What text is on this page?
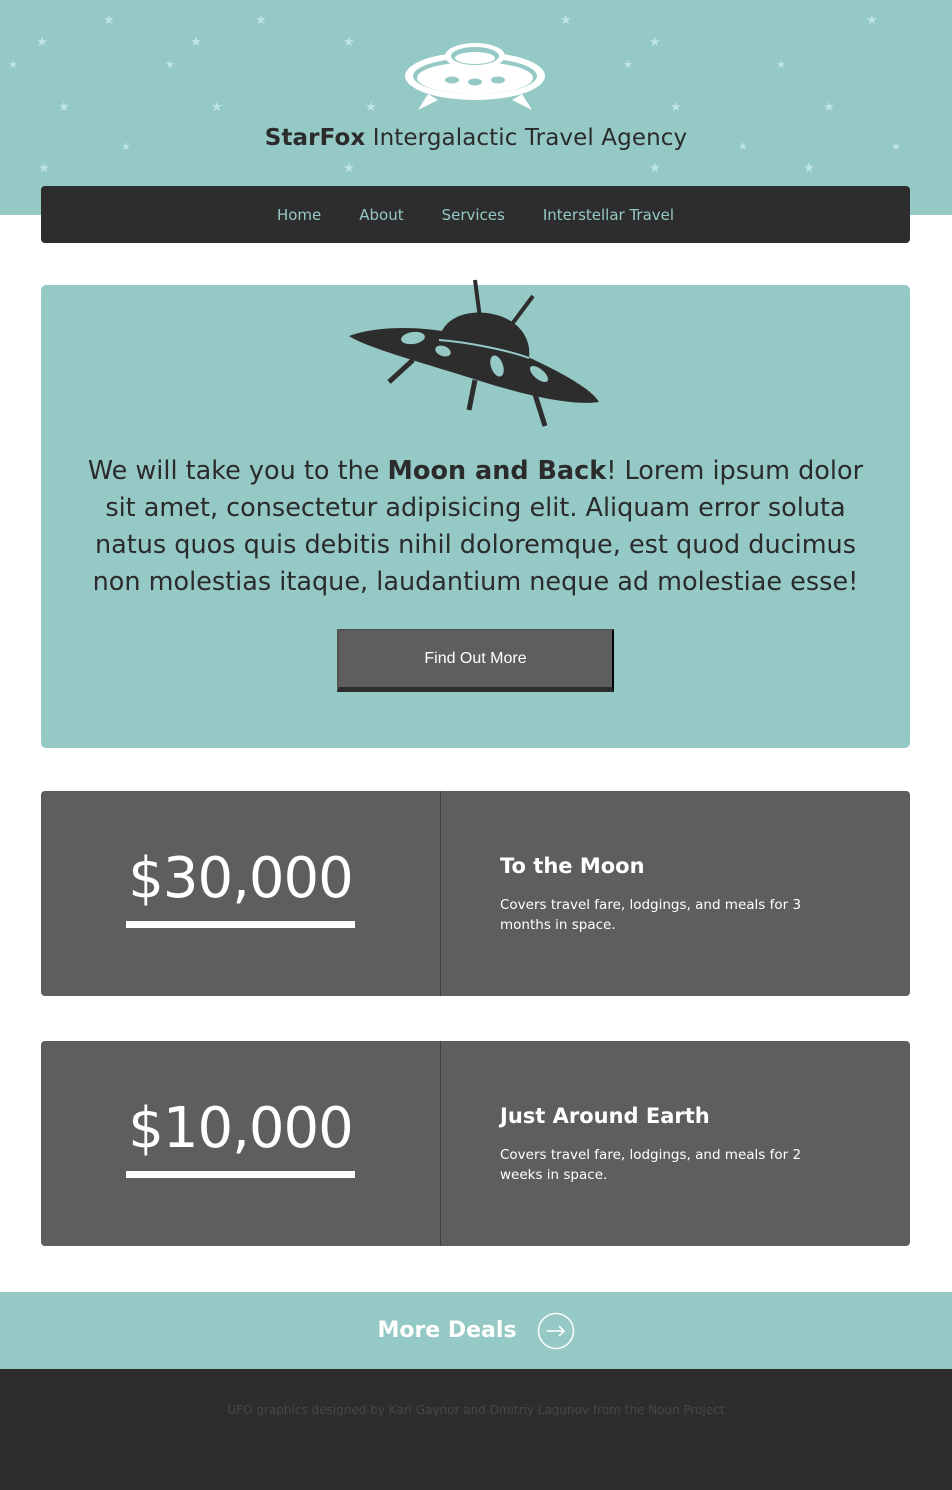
★	★	★	★
★	★	★	★
★	★	★	★
★	★	★	★	★
★	★	★
★	★	★	★
StarFox Intergalactic Travel Agency
Home	About	Services	Interstellar Travel

We will take you to the Moon and Back! Lorem ipsum dolor sit amet, consectetur adipisicing elit. Aliquam error soluta natus quos quis debitis nihil doloremque, est quod ducimus non molestias itaque, laudantium neque ad molestiae esse!

Find Out More
$30,000	To the Moon
Covers travel fare, lodgings, and meals for 3 months in space.
$10,000	Just Around Earth
Covers travel fare, lodgings, and meals for 2 weeks in space.
More Deals

UFO graphics designed by Kari Gaynor and Dmitriy Lagunov from the Noun Project
